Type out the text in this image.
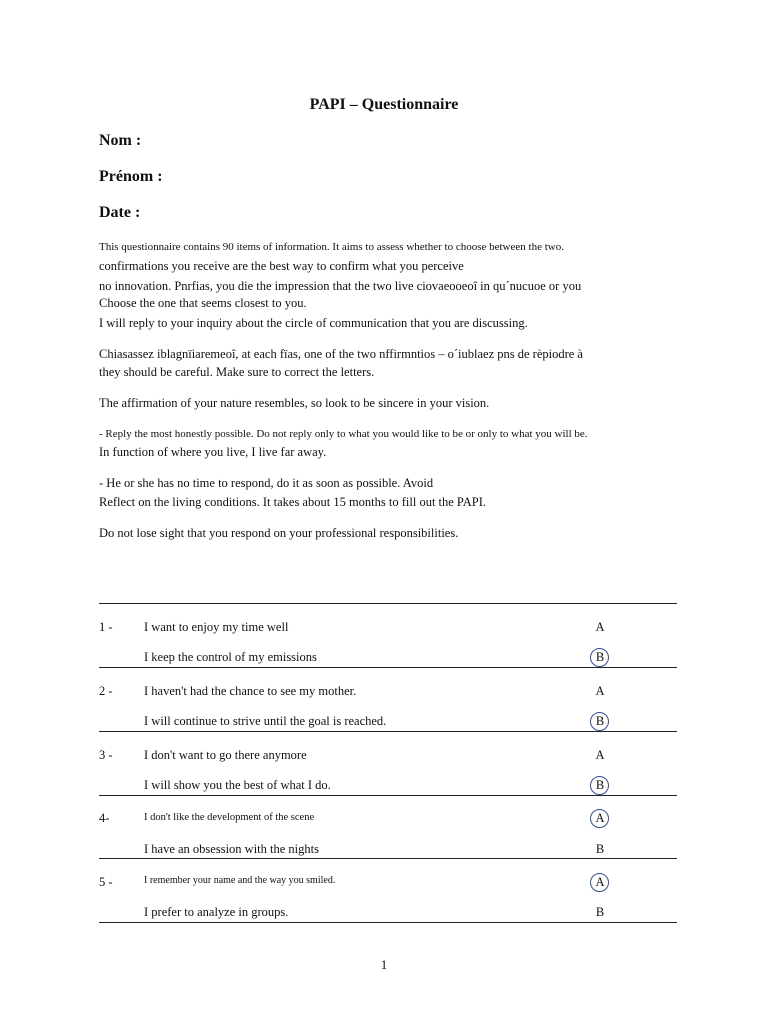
PAPI – Questionnaire
Nom :
Prénom :
Date :
This questionnaire contains 90 items of information. It aims to assess whether to choose between the two.
confirmations you receive are the best way to confirm what you perceive
no innovation. Pnrfias, you die the impression that the two live ciovaeooeoî in qu´nucuoe or you
Choose the one that seems closest to you.
I will reply to your inquiry about the circle of communication that you are discussing.
Chiasassez iblagnïiaremeoî, at each fïas, one of the two nffirmntios – o´iublaez pns de rèpiodre à
they should be careful. Make sure to correct the letters.
The affirmation of your nature resembles, so look to be sincere in your vision.
- Reply the most honestly possible. Do not reply only to what you would like to be or only to what you will be.
In function of where you live, I live far away.
- He or she has no time to respond, do it as soon as possible. Avoid
Reflect on the living conditions. It takes about 15 months to fill out the PAPI.
Do not lose sight that you respond on your professional responsibilities.
1 -	I want to enjoy my time well	A
I keep the control of my emissions	B
2 -	I haven't had the chance to see my mother.	A
I will continue to strive until the goal is reached.	B
3 -	I don't want to go there anymore	A
I will show you the best of what I do.	B
4-	I don't like the development of the scene	A
I have an obsession with the nights	B
5 -	I remember your name and the way you smiled.	A
I prefer to analyze in groups.	B
1
